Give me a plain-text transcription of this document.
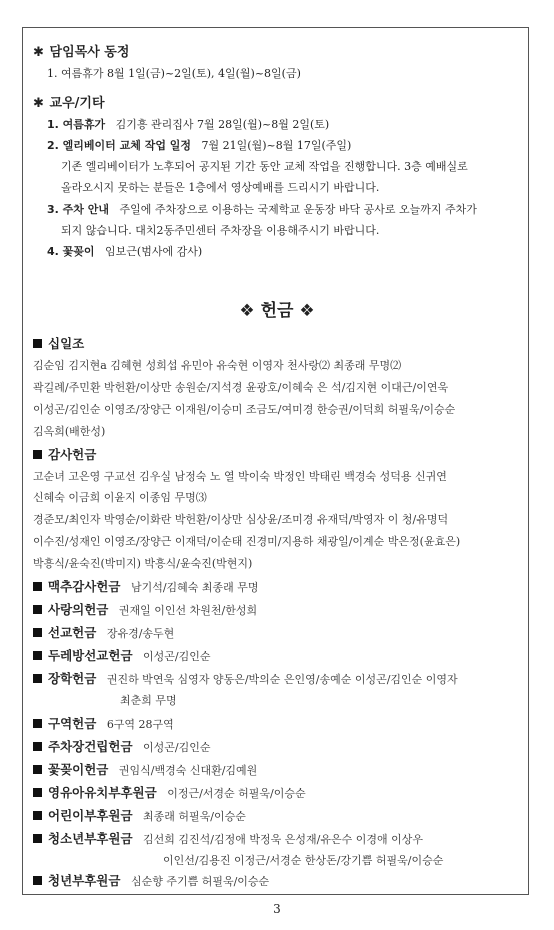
✱ 담임목사 동정
1. 여름휴가 8월 1일(금)~2일(토), 4일(월)~8일(금)
✱ 교우/기타
1. 여름휴가 김기흥 관리집사 7월 28일(월)~8월 2일(토)
2. 엘리베이터 교체 작업 일정 7월 21일(월)~8월 17일(주일)
기존 엘리베이터가 노후되어 공지된 기간 동안 교체 작업을 진행합니다. 3층 예배실로
올라오시지 못하는 분들은 1층에서 영상예배를 드리시기 바랍니다.
3. 주차 안내 주일에 주차장으로 이용하는 국제학교 운동장 바닥 공사로 오늘까지 주차가
되지 않습니다. 대치2동주민센터 주차장을 이용해주시기 바랍니다.
4. 꽃꽂이 임보근(범사에 감사)
❖ 헌금 ❖
십일조
김순임 김지현a 김혜현 성희섭 유민아 유숙현 이영자 천사랑⑵ 최종래 무명⑵
곽길례/주민환 박헌환/이상만 송원순/지석경 윤광호/이혜숙 은 석/김지현 이대근/이연욱
이성곤/김인순 이영조/장양근 이재원/이승미 조금도/여미경 한승권/이덕희 허필욱/이승순
김옥희(배한성)
감사헌금
고순녀 고은영 구교선 김우실 남정숙 노 열 박이숙 박정인 박태린 백경숙 성덕용 신귀연
신혜숙 이금희 이윤지 이종임 무명⑶
경준모/최인자 박영순/이화란 박헌환/이상만 심상윤/조미경 유재덕/박영자 이 청/유명덕
이수진/성재인 이영조/장양근 이재덕/이순태 진경미/지용하 채광일/이계순 박은정(윤효은)
박흥식/윤숙진(박미지) 박흥식/윤숙진(박현지)
맥추감사헌금 남기석/김혜숙 최종래 무명
사랑의헌금 권재일 이인선 차원천/한성희
선교헌금 장유경/송두현
두레방선교헌금 이성곤/김인순
장학헌금 권진하 박연욱 심영자 양동은/박의순 은인영/송예순 이성곤/김인순 이영자
최춘희 무명
구역헌금 6구역 28구역
주차장건립헌금 이성곤/김인순
꽃꽂이헌금 권임식/백경숙 신대환/김예원
영유아유치부후원금 이정근/서경순 허필욱/이승순
어린이부후원금 최종래 허필욱/이승순
청소년부후원금 김선희 김진석/김정애 박정욱 은성재/유은수 이경애 이상우
이인선/김용진 이정근/서경순 한상돈/강기쁨 허필욱/이승순
청년부후원금 심순향 주기쁨 허필욱/이승순
3
